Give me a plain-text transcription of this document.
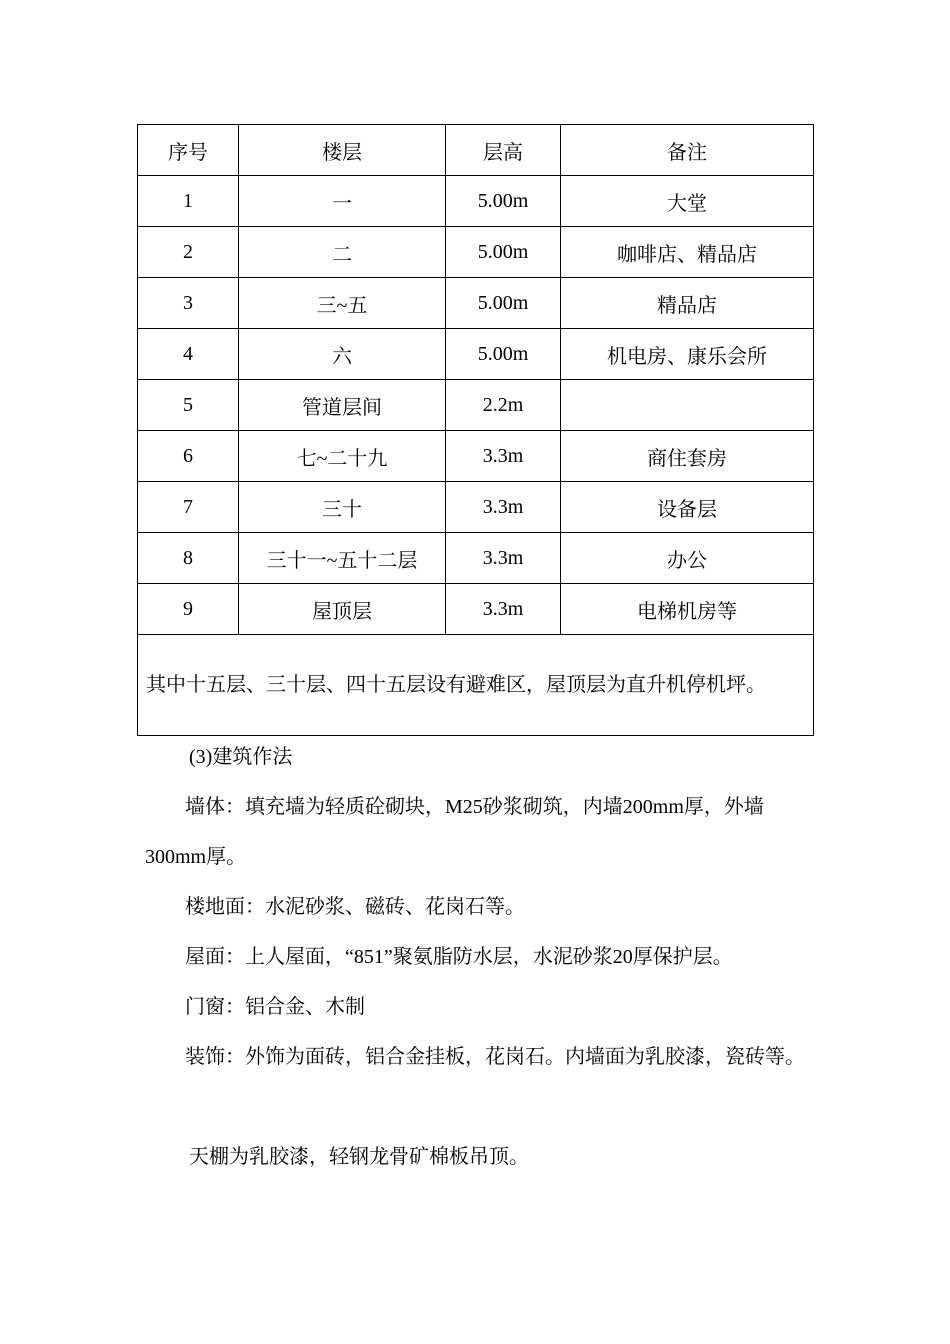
序号	楼层	层高	备注
1	一	5.00m	大堂
2	二	5.00m	咖啡店、精品店
3	三~五	5.00m	精品店
4	六	5.00m	机电房、康乐会所
5	管道层间	2.2m	
6	七~二十九	3.3m	商住套房
7	三十	3.3m	设备层
8	三十一~五十二层	3.3m	办公
9	屋顶层	3.3m	电梯机房等
其中十五层、三十层、四十五层设有避难区，屋顶层为直升机停机坪。			

(3)建筑作法

墙体：填充墙为轻质砼砌块，M25砂浆砌筑，内墙200mm厚，外墙300mm厚。

楼地面：水泥砂浆、磁砖、花岗石等。

屋面：上人屋面，“851”聚氨脂防水层，水泥砂浆20厚保护层。

门窗：铝合金、木制

装饰：外饰为面砖，铝合金挂板，花岗石。内墙面为乳胶漆，瓷砖等。

天棚为乳胶漆，轻钢龙骨矿棉板吊顶。
